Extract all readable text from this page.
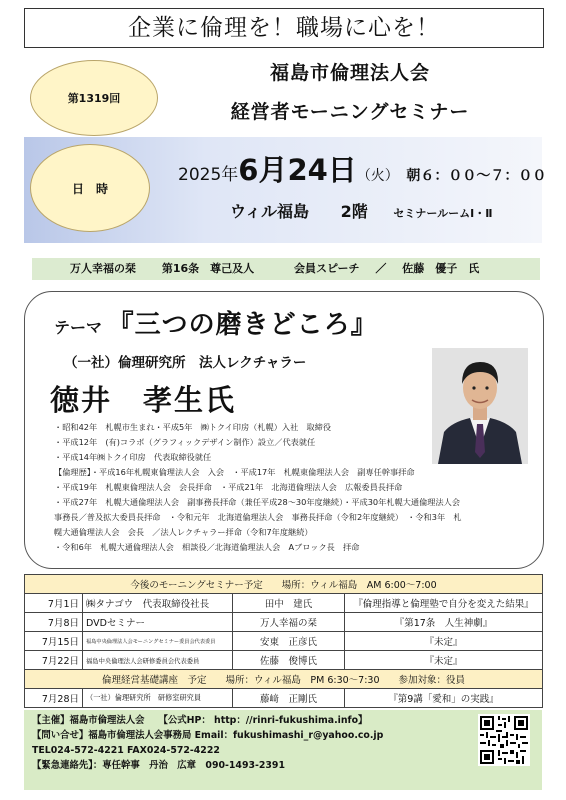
企業に倫理を！職場に心を！
第1319回
福島市倫理法人会
経営者モーニングセミナー
日　時
2025年6月24日（火） 朝６：００〜７：００
ウィル福島 2階 セミナールームⅠ・Ⅱ
万人幸福の栞 第16条　尊己及人	会員スピーチ ／ 佐藤　優子　氏
テーマ 『三つの磨きどころ』
（一社）倫理研究所　法人レクチャラー
徳井　孝生氏
・昭和42年　札幌市生まれ・平成5年　㈱トクイ印房（札幌）入社　取締役
・平成12年　(有)コラボ（グラフィックデザイン制作）設立／代表就任
・平成14年㈱トクイ印房　代表取締役就任
【倫理歴】・平成16年札幌東倫理法人会　入会　・平成17年　札幌東倫理法人会　副専任幹事拝命
・平成19年　札幌東倫理法人会　会長拝命　・平成21年　北海道倫理法人会　広報委員長拝命
・平成27年　札幌大通倫理法人会　副事務長拝命（兼任平成28〜30年度継続）・平成30年札幌大通倫理法人会
事務長／普及拡大委員長拝命　・令和元年　北海道倫理法人会　事務長拝命（令和2年度継続）　・令和3年　札
幌大通倫理法人会　会長　／法人レクチャラー拝命（令和7年度継続）
・令和6年　札幌大通倫理法人会　相談役／北海道倫理法人会　Aブロック長　拝命
今後のモーニングセミナー予定　　場所：ウィル福島　AM 6:00〜7:00			
7月1日	㈱タナゴウ　代表取締役社長	田中　建氏	『倫理指導と倫理塾で自分を変えた結果』
7月8日	DVDセミナー	万人幸福の栞	『第17条　人生神劇』
7月15日	福島中央倫理法人会モーニングセミナー委員会代表委員	安東　正彦氏	『未定』
7月22日	福島中央倫理法人会研修委員会代表委員	佐藤　俊博氏	『未定』
倫理経営基礎講座　予定　　場所：ウィル福島　PM 6:30〜7:30　　参加対象：役員			
7月28日	（一社）倫理研究所　研修室研究員	藤﨑　正剛氏	『第9講「愛和」の実践』
【主催】福島市倫理法人会　　【公式HP： http：//rinri-fukushima.info】
【問い合せ】福島市倫理法人会事務局 Email：fukushimashi_r@yahoo.co.jp
TEL024-572-4221 FAX024-572-4222
【緊急連絡先】：専任幹事　丹治　広章　090-1493-2391
